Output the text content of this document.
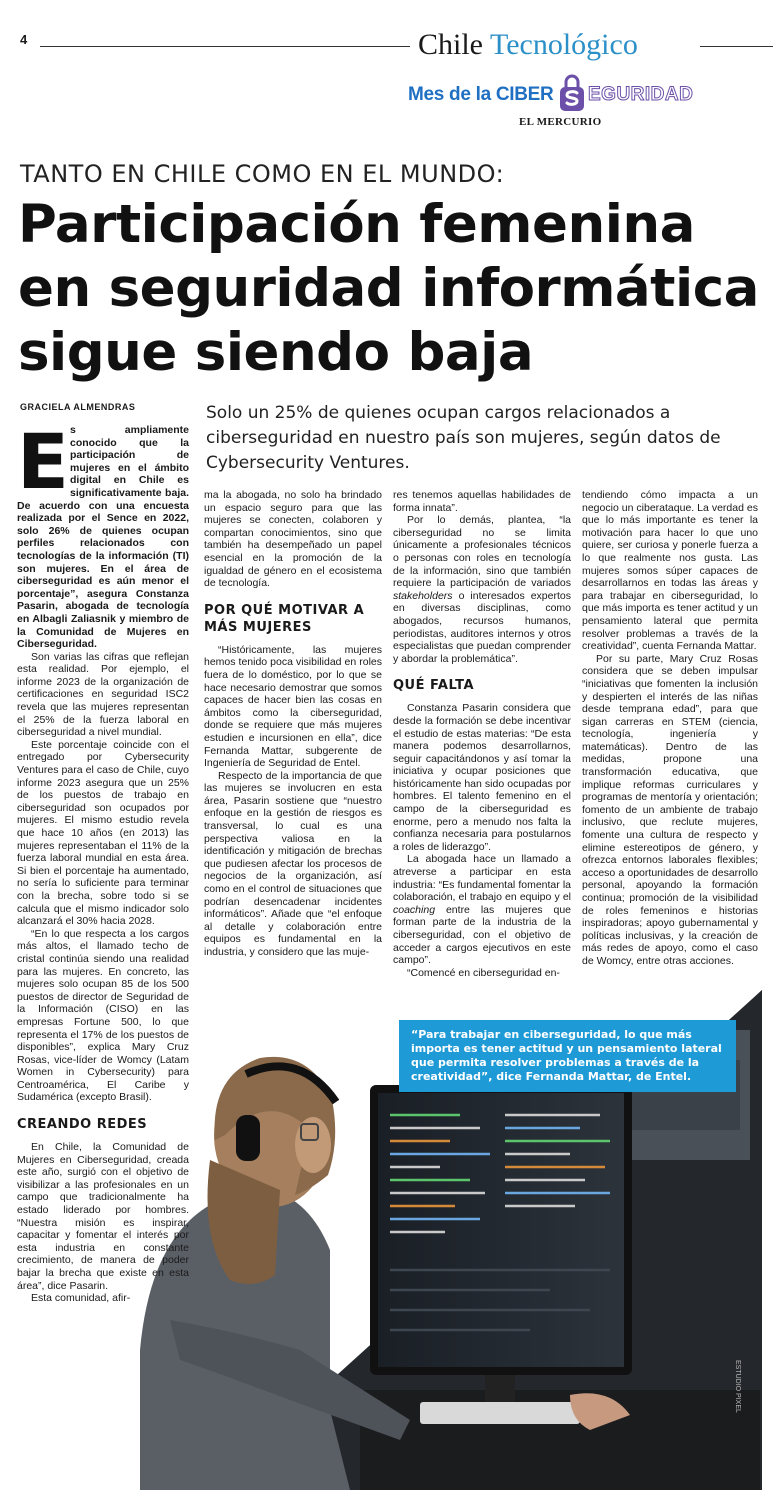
4	Chile Tecnológico
Mes de la CIBER EGURIDAD
EL MERCURIO
TANTO EN CHILE COMO EN EL MUNDO:
Participación femenina en seguridad informática sigue siendo baja
GRACIELA ALMENDRAS	Solo un 25% de quienes ocupan cargos relacionados a ciberseguridad en nuestro país son mujeres, según datos de Cybersecurity Ventures.
E s ampliamente conocido que la participación de mujeres en el ámbito digital en Chile es significativamente baja. De acuerdo con una encuesta realizada por el Sence en 2022, solo 26% de quienes ocupan perfiles relacionados con tecnologías de la información (TI) son mujeres. En el área de ciberseguridad es aún menor el porcentaje”, asegura Constanza Pasarin, abogada de tecnología en Albagli Zaliasnik y miembro de la Comunidad de Mujeres en Ciberseguridad.

Son varias las cifras que reflejan esta realidad. Por ejemplo, el informe 2023 de la organización de certificaciones en seguridad ISC2 revela que las mujeres representan el 25% de la fuerza laboral en ciberseguridad a nivel mundial.

Este porcentaje coincide con el entregado por Cybersecurity Ventures para el caso de Chile, cuyo informe 2023 asegura que un 25% de los puestos de trabajo en ciberseguridad son ocupados por mujeres. El mismo estudio revela que hace 10 años (en 2013) las mujeres representaban el 11% de la fuerza laboral mundial en esta área. Si bien el porcentaje ha aumentado, no sería lo suficiente para terminar con la brecha, sobre todo si se calcula que el mismo indicador solo alcanzará el 30% hacia 2028.

“En lo que respecta a los cargos más altos, el llamado techo de cristal continúa siendo una realidad para las mujeres. En concreto, las mujeres solo ocupan 85 de los 500 puestos de director de Seguridad de la Información (CISO) en las empresas Fortune 500, lo que representa el 17% de los puestos de disponibles”, explica Mary Cruz Rosas, vice-líder de Womcy (Latam Women in Cybersecurity) para Centroamérica, El Caribe y Sudamérica (excepto Brasil).

CREANDO REDES

En Chile, la Comunidad de Mujeres en Ciberseguridad, creada este año, surgió con el objetivo de visibilizar a las profesionales en un campo que tradicionalmente ha estado liderado por hombres. “Nuestra misión es inspirar, capacitar y fomentar el interés por esta industria en constante crecimiento, de manera de poder bajar la brecha que existe en esta área”, dice Pasarin.

Esta comunidad, afir-

ma la abogada, no solo ha brindado un espacio seguro para que las mujeres se conecten, colaboren y compartan conocimientos, sino que también ha desempeñado un papel esencial en la promoción de la igualdad de género en el ecosistema de tecnología.

POR QUÉ MOTIVAR A MÁS MUJERES

“Históricamente, las mujeres hemos tenido poca visibilidad en roles fuera de lo doméstico, por lo que se hace necesario demostrar que somos capaces de hacer bien las cosas en ámbitos como la ciberseguridad, donde se requiere que más mujeres estudien e incursionen en ella”, dice Fernanda Mattar, subgerente de Ingeniería de Seguridad de Entel.

Respecto de la importancia de que las mujeres se involucren en esta área, Pasarin sostiene que “nuestro enfoque en la gestión de riesgos es transversal, lo cual es una perspectiva valiosa en la identificación y mitigación de brechas que pudiesen afectar los procesos de negocios de la organización, así como en el control de situaciones que podrían desencadenar incidentes informáticos”. Añade que “el enfoque al detalle y colaboración entre equipos es fundamental en la industria, y considero que las muje-

res tenemos aquellas habilidades de forma innata”.

Por lo demás, plantea, “la ciberseguridad no se limita únicamente a profesionales técnicos o personas con roles en tecnología de la información, sino que también requiere la participación de variados stakeholders o interesados expertos en diversas disciplinas, como abogados, recursos humanos, periodistas, auditores internos y otros especialistas que puedan comprender y abordar la problemática”.

QUÉ FALTA

Constanza Pasarin considera que desde la formación se debe incentivar el estudio de estas materias: “De esta manera podemos desarrollarnos, seguir capacitándonos y así tomar la iniciativa y ocupar posiciones que históricamente han sido ocupadas por hombres. El talento femenino en el campo de la ciberseguridad es enorme, pero a menudo nos falta la confianza necesaria para postularnos a roles de liderazgo”.

La abogada hace un llamado a atreverse a participar en esta industria: “Es fundamental fomentar la colaboración, el trabajo en equipo y el coaching entre las mujeres que forman parte de la industria de la ciberseguridad, con el objetivo de acceder a cargos ejecutivos en este campo”.

“Comencé en ciberseguridad en-

tendiendo cómo impacta a un negocio un ciberataque. La verdad es que lo más importante es tener la motivación para hacer lo que uno quiere, ser curiosa y ponerle fuerza a lo que realmente nos gusta. Las mujeres somos súper capaces de desarrollarnos en todas las áreas y para trabajar en ciberseguridad, lo que más importa es tener actitud y un pensamiento lateral que permita resolver problemas a través de la creatividad”, cuenta Fernanda Mattar.

Por su parte, Mary Cruz Rosas considera que se deben impulsar “iniciativas que fomenten la inclusión y despierten el interés de las niñas desde temprana edad”, para que sigan carreras en STEM (ciencia, tecnología, ingeniería y matemáticas). Dentro de las medidas, propone una transformación educativa, que implique reformas curriculares y programas de mentoría y orientación; fomento de un ambiente de trabajo inclusivo, que reclute mujeres, fomente una cultura de respecto y elimine estereotipos de género, y ofrezca entornos laborales flexibles; acceso a oportunidades de desarrollo personal, apoyando la formación continua; promoción de la visibilidad de roles femeninos e historias inspiradoras; apoyo gubernamental y políticas inclusivas, y la creación de más redes de apoyo, como el caso de Womcy, entre otras acciones.

“Para trabajar en ciberseguridad, lo que más importa es tener actitud y un pensamiento lateral que permita resolver problemas a través de la creatividad”, dice Fernanda Mattar, de Entel.
ESTUDIO PIXEL
